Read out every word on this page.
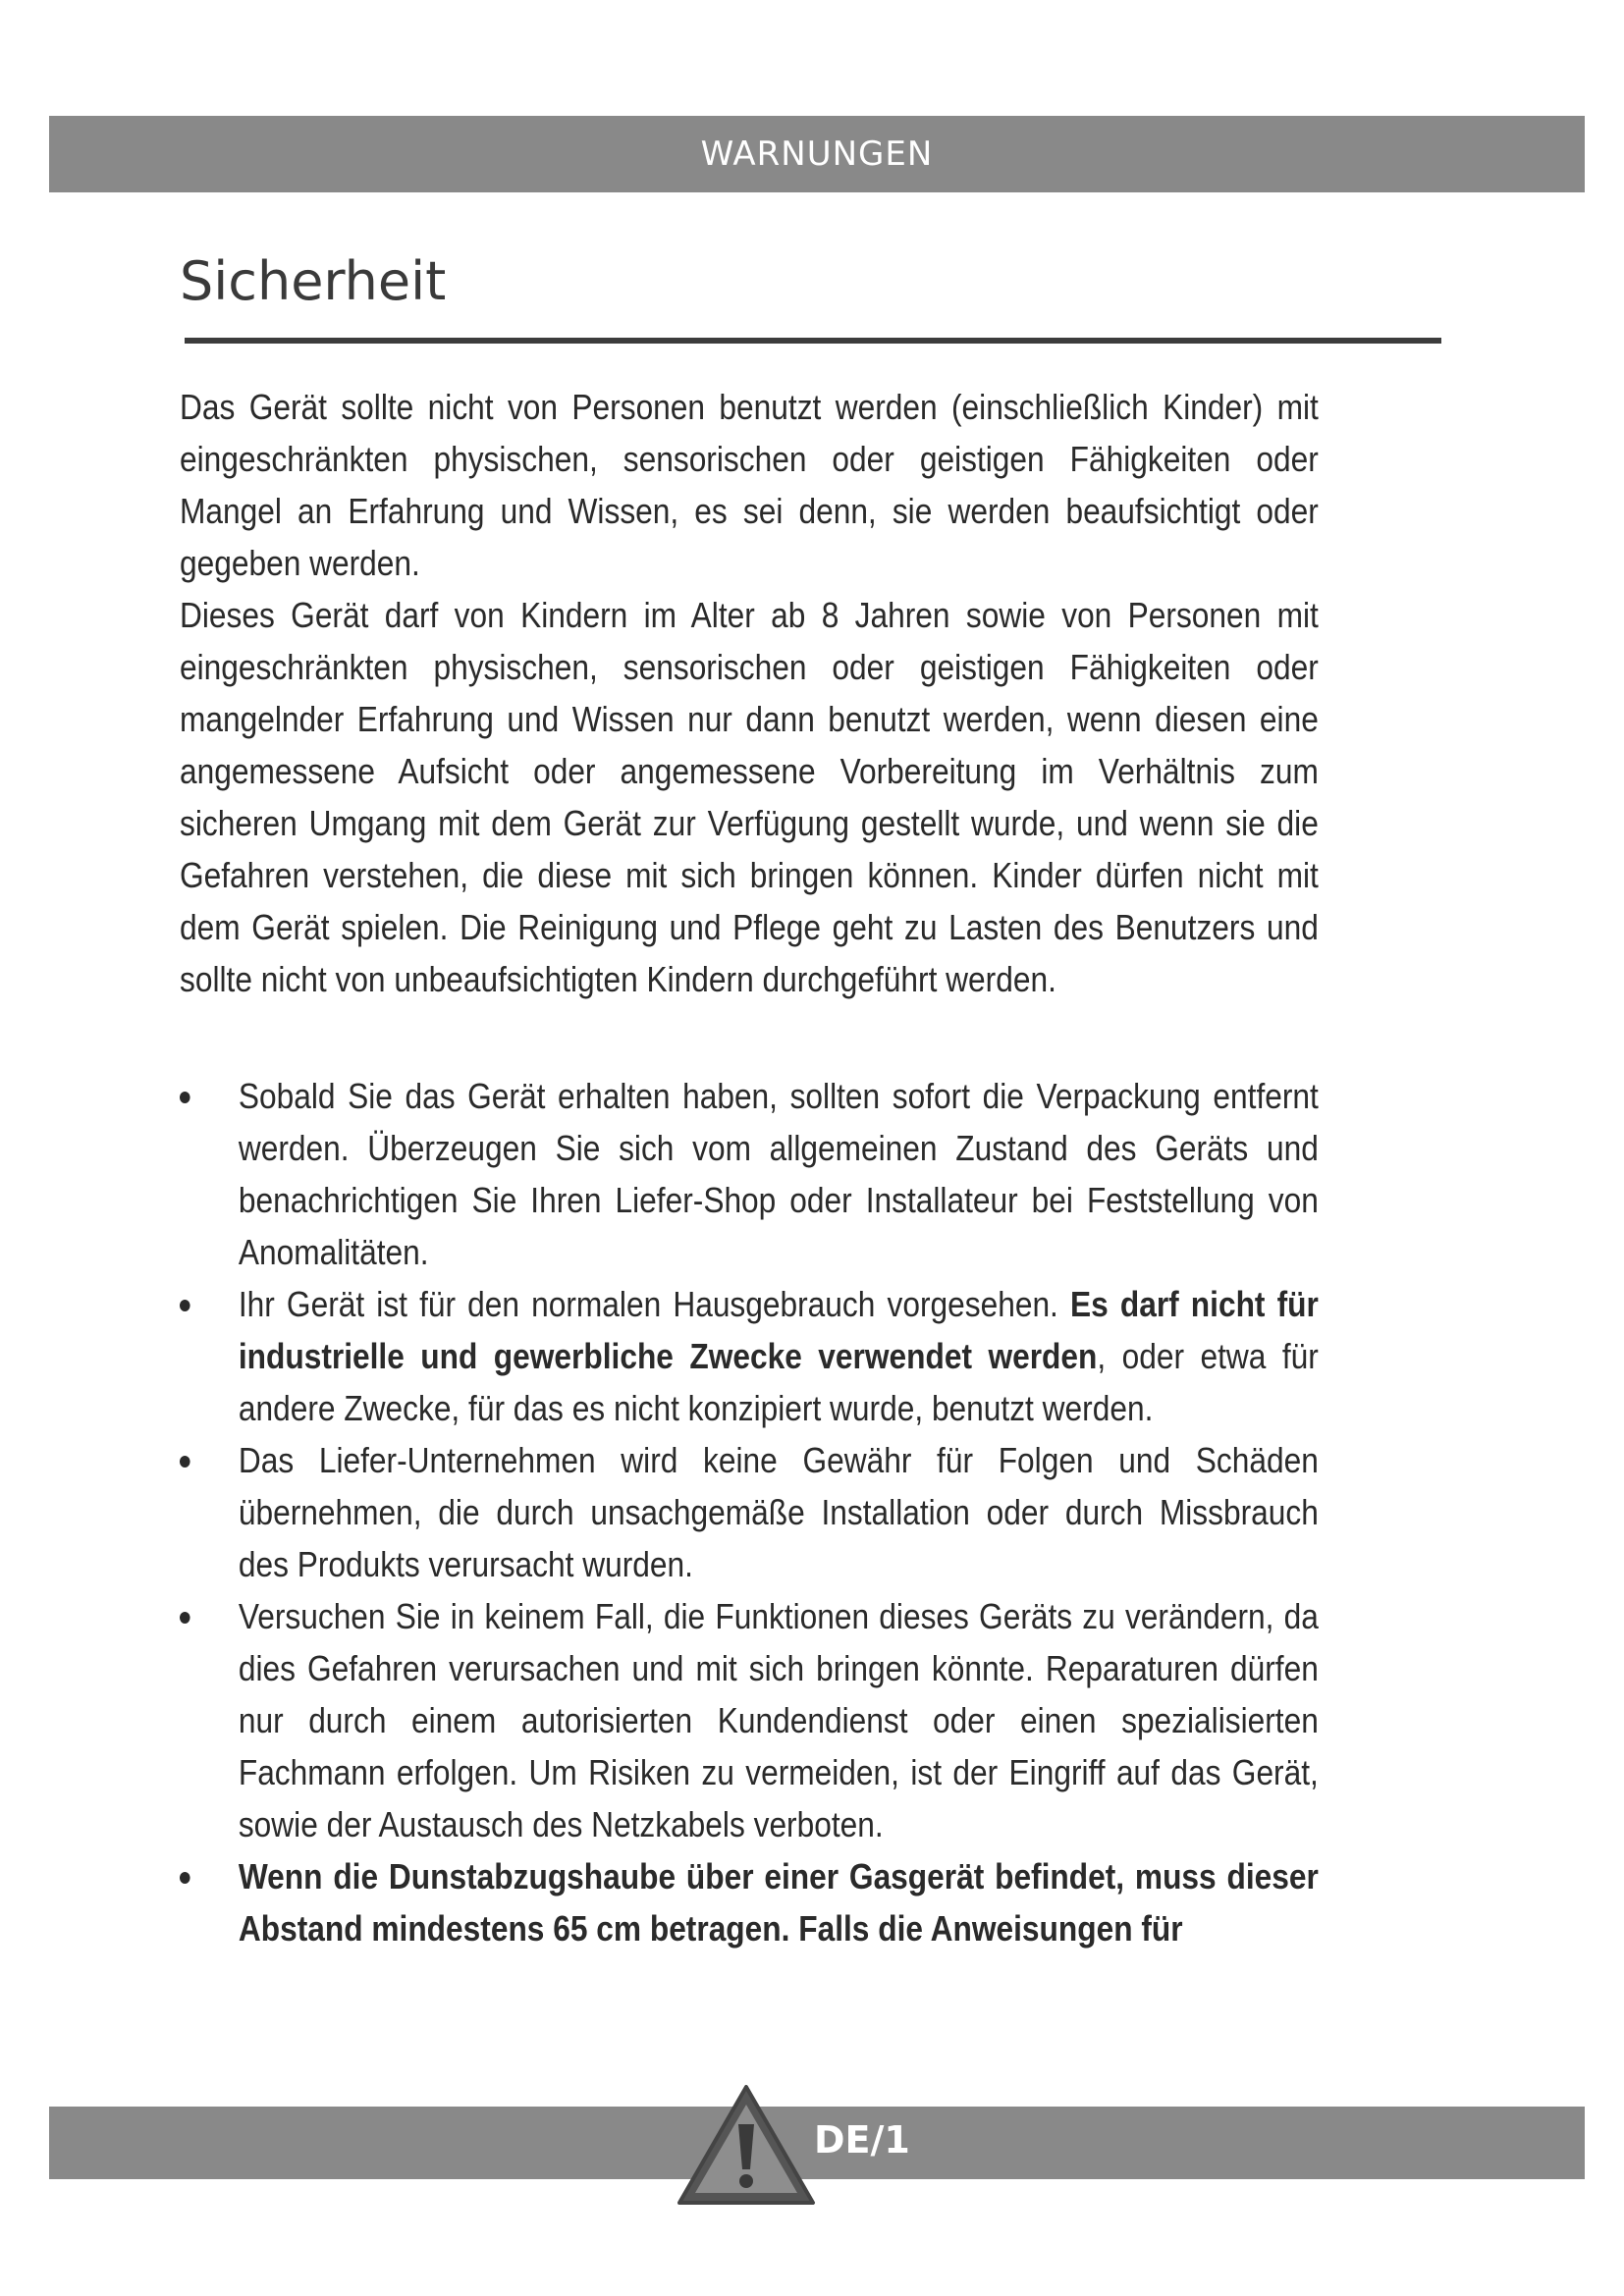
WARNUNGEN
Sicherheit

Das Gerät sollte nicht von Personen benutzt werden (einschließlich Kinder) mit eingeschränkten physischen, sensorischen oder geistigen Fähigkeiten oder Mangel an Erfahrung und Wissen, es sei denn, sie werden beaufsichtigt oder gegeben werden.

Dieses Gerät darf von Kindern im Alter ab 8 Jahren sowie von Personen mit eingeschränkten physischen, sensorischen oder geistigen Fähigkeiten oder mangelnder Erfahrung und Wissen nur dann benutzt werden, wenn diesen eine angemessene Aufsicht oder angemessene Vorbereitung im Verhältnis zum sicheren Umgang mit dem Gerät zur Verfügung gestellt wurde, und wenn sie die Gefahren verstehen, die diese mit sich bringen können. Kinder dürfen nicht mit dem Gerät spielen. Die Reinigung und Pflege geht zu Lasten des Benutzers und sollte nicht von unbeaufsichtigten Kindern durchgeführt werden.

Sobald Sie das Gerät erhalten haben, sollten sofort die Verpackung entfernt werden. Überzeugen Sie sich vom allgemeinen Zustand des Geräts und benachrichtigen Sie Ihren Liefer-Shop oder Installateur bei Feststellung von Anomalitäten.
Ihr Gerät ist für den normalen Hausgebrauch vorgesehen. Es darf nicht für industrielle und gewerbliche Zwecke verwendet werden, oder etwa für andere Zwecke, für das es nicht konzipiert wurde, benutzt werden.
Das Liefer-Unternehmen wird keine Gewähr für Folgen und Schäden übernehmen, die durch unsachgemäße Installation oder durch Missbrauch des Produkts verursacht wurden.
Versuchen Sie in keinem Fall, die Funktionen dieses Geräts zu verändern, da dies Gefahren verursachen und mit sich bringen könnte. Reparaturen dürfen nur durch einem autorisierten Kundendienst oder einen spezialisierten Fachmann erfolgen. Um Risiken zu vermeiden, ist der Eingriff auf das Gerät, sowie der Austausch des Netzkabels verboten.
Wenn die Dunstabzugshaube über einer Gasgerät befindet, muss dieser Abstand mindestens 65 cm betragen. Falls die Anweisungen für
DE/1
